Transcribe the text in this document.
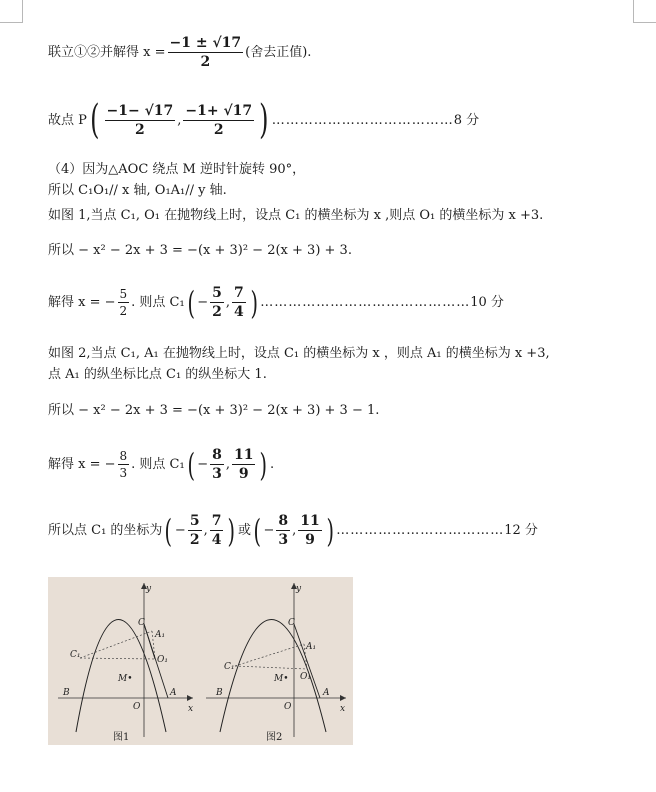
联立①②并解得 $x = \frac{-1 \pm √17}{2}$ (舍去正值).
故点 P ( $\frac{-1- √17}{2}$ , $\frac{-1+ √17}{2}$ ) ………………………………… 8 分
（4）因为△AOC 绕点 M 逆时针旋转 90°，
所以 C₁O₁// x 轴, O₁A₁// y 轴.
如图 1,当点 C₁, O₁ 在抛物线上时，设点 C₁ 的横坐标为 x ,则点 O₁ 的横坐标为 x +3.
所以 − x² − 2x + 3 = −(x + 3)² − 2(x + 3) + 3.
解得 x = − $\frac{5}{2}$ . 则点 C₁ ( − $\frac{5}{2}$ , $\frac{7}{4}$ ) ……………………………………… 10 分
如图 2,当点 C₁, A₁ 在抛物线上时，设点 C₁ 的横坐标为 x ，则点 A₁ 的横坐标为 x +3,
点 A₁ 的纵坐标比点 C₁ 的纵坐标大 1.
所以 − x² − 2x + 3 = −(x + 3)² − 2(x + 3) + 3 − 1.
解得 x = − $\frac{8}{3}$ . 则点 C₁ ( − $\frac{8}{3}$ , $\frac{11}{9}$ ) .
所以点 C₁ 的坐标为 ( − $\frac{5}{2}$ , $\frac{7}{4}$ ) 或 ( − $\frac{8}{3}$ , $\frac{11}{9}$ ) ……………………………… 12 分
y
x
C
A₁
C₁	O₁
M•
B
O
A
图1
y
x
C
A₁
C₁
O₁
M•
B
O
A
图2
